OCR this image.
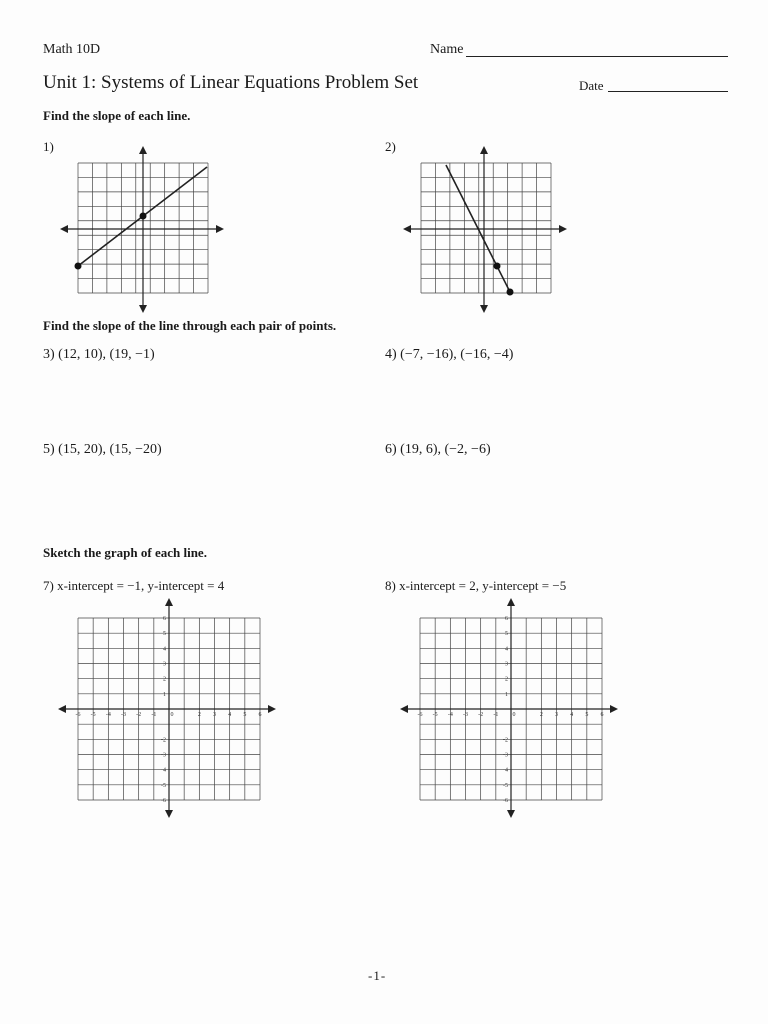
Math 10D	Name
Unit 1: Systems of Linear Equations Problem Set	Date
Find the slope of each line.
1)	2)
Find the slope of the line through each pair of points.
3) (12, 10), (19, −1)	4) (−7, −16), (−16, −4)
5) (15, 20), (15, −20)	6) (19, 6), (−2, −6)
Sketch the graph of each line.
7) x-intercept = −1, y-intercept = 4	8) x-intercept = 2, y-intercept = −5
-6 -5 -4 -3 -2 -1 0	2 3 4 5 6
6
5
4
3
2
1
-2
-3
-4
-5
-6
-6 -5 -4 -3 -2 -1 0	2 3 4 5 6
6
5
4
3
2
1
-2
-3
-4
-5
-6
-1-
